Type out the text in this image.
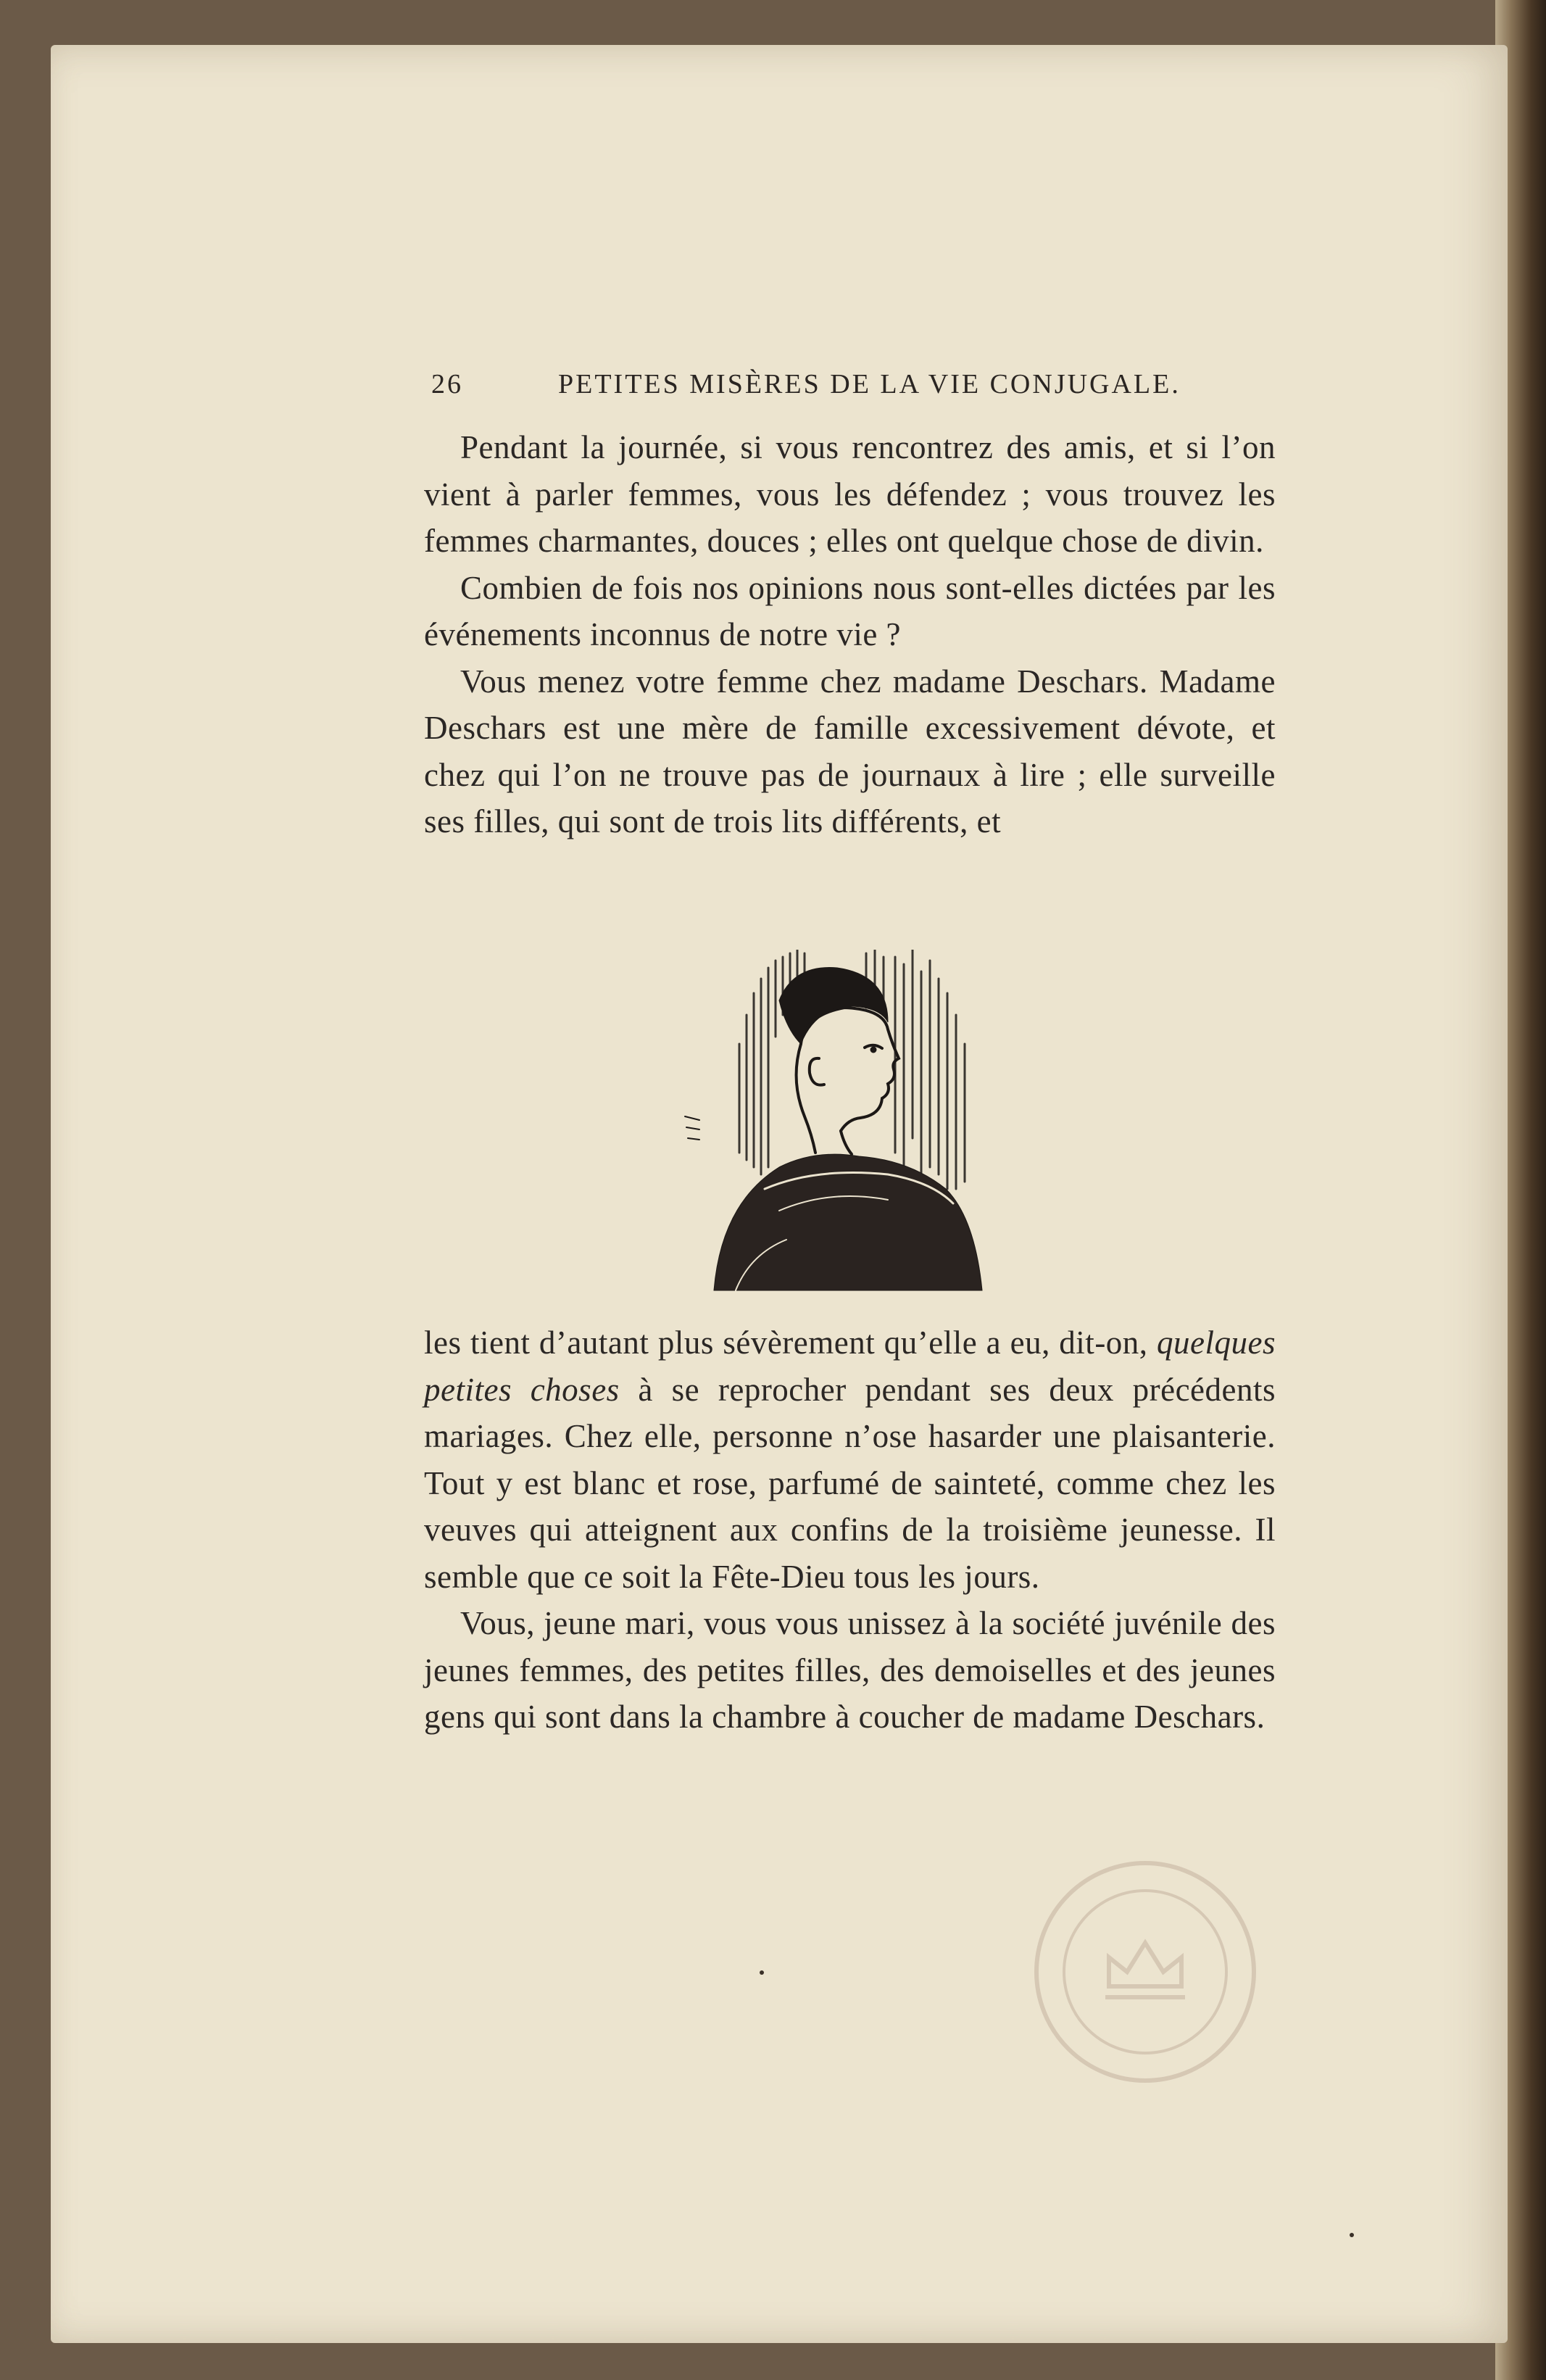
26	PETITES MISÈRES DE LA VIE CONJUGALE.

Pendant la journée, si vous rencontrez des amis, et si l’on vient à parler femmes, vous les défendez ; vous trouvez les femmes charmantes, douces ; elles ont quelque chose de divin.

Combien de fois nos opinions nous sont-elles dictées par les événements inconnus de notre vie ?

Vous menez votre femme chez madame Deschars. Madame Deschars est une mère de famille excessivement dévote, et chez qui l’on ne trouve pas de journaux à lire ; elle surveille ses filles, qui sont de trois lits différents, et

les tient d’autant plus sévèrement qu’elle a eu, dit-on, quelques petites choses à se reprocher pendant ses deux précédents mariages. Chez elle, personne n’ose hasarder une plaisanterie. Tout y est blanc et rose, parfumé de sainteté, comme chez les veuves qui atteignent aux confins de la troisième jeunesse. Il semble que ce soit la Fête-Dieu tous les jours.

Vous, jeune mari, vous vous unissez à la société juvénile des jeunes femmes, des petites filles, des demoiselles et des jeunes gens qui sont dans la chambre à coucher de madame Deschars.
